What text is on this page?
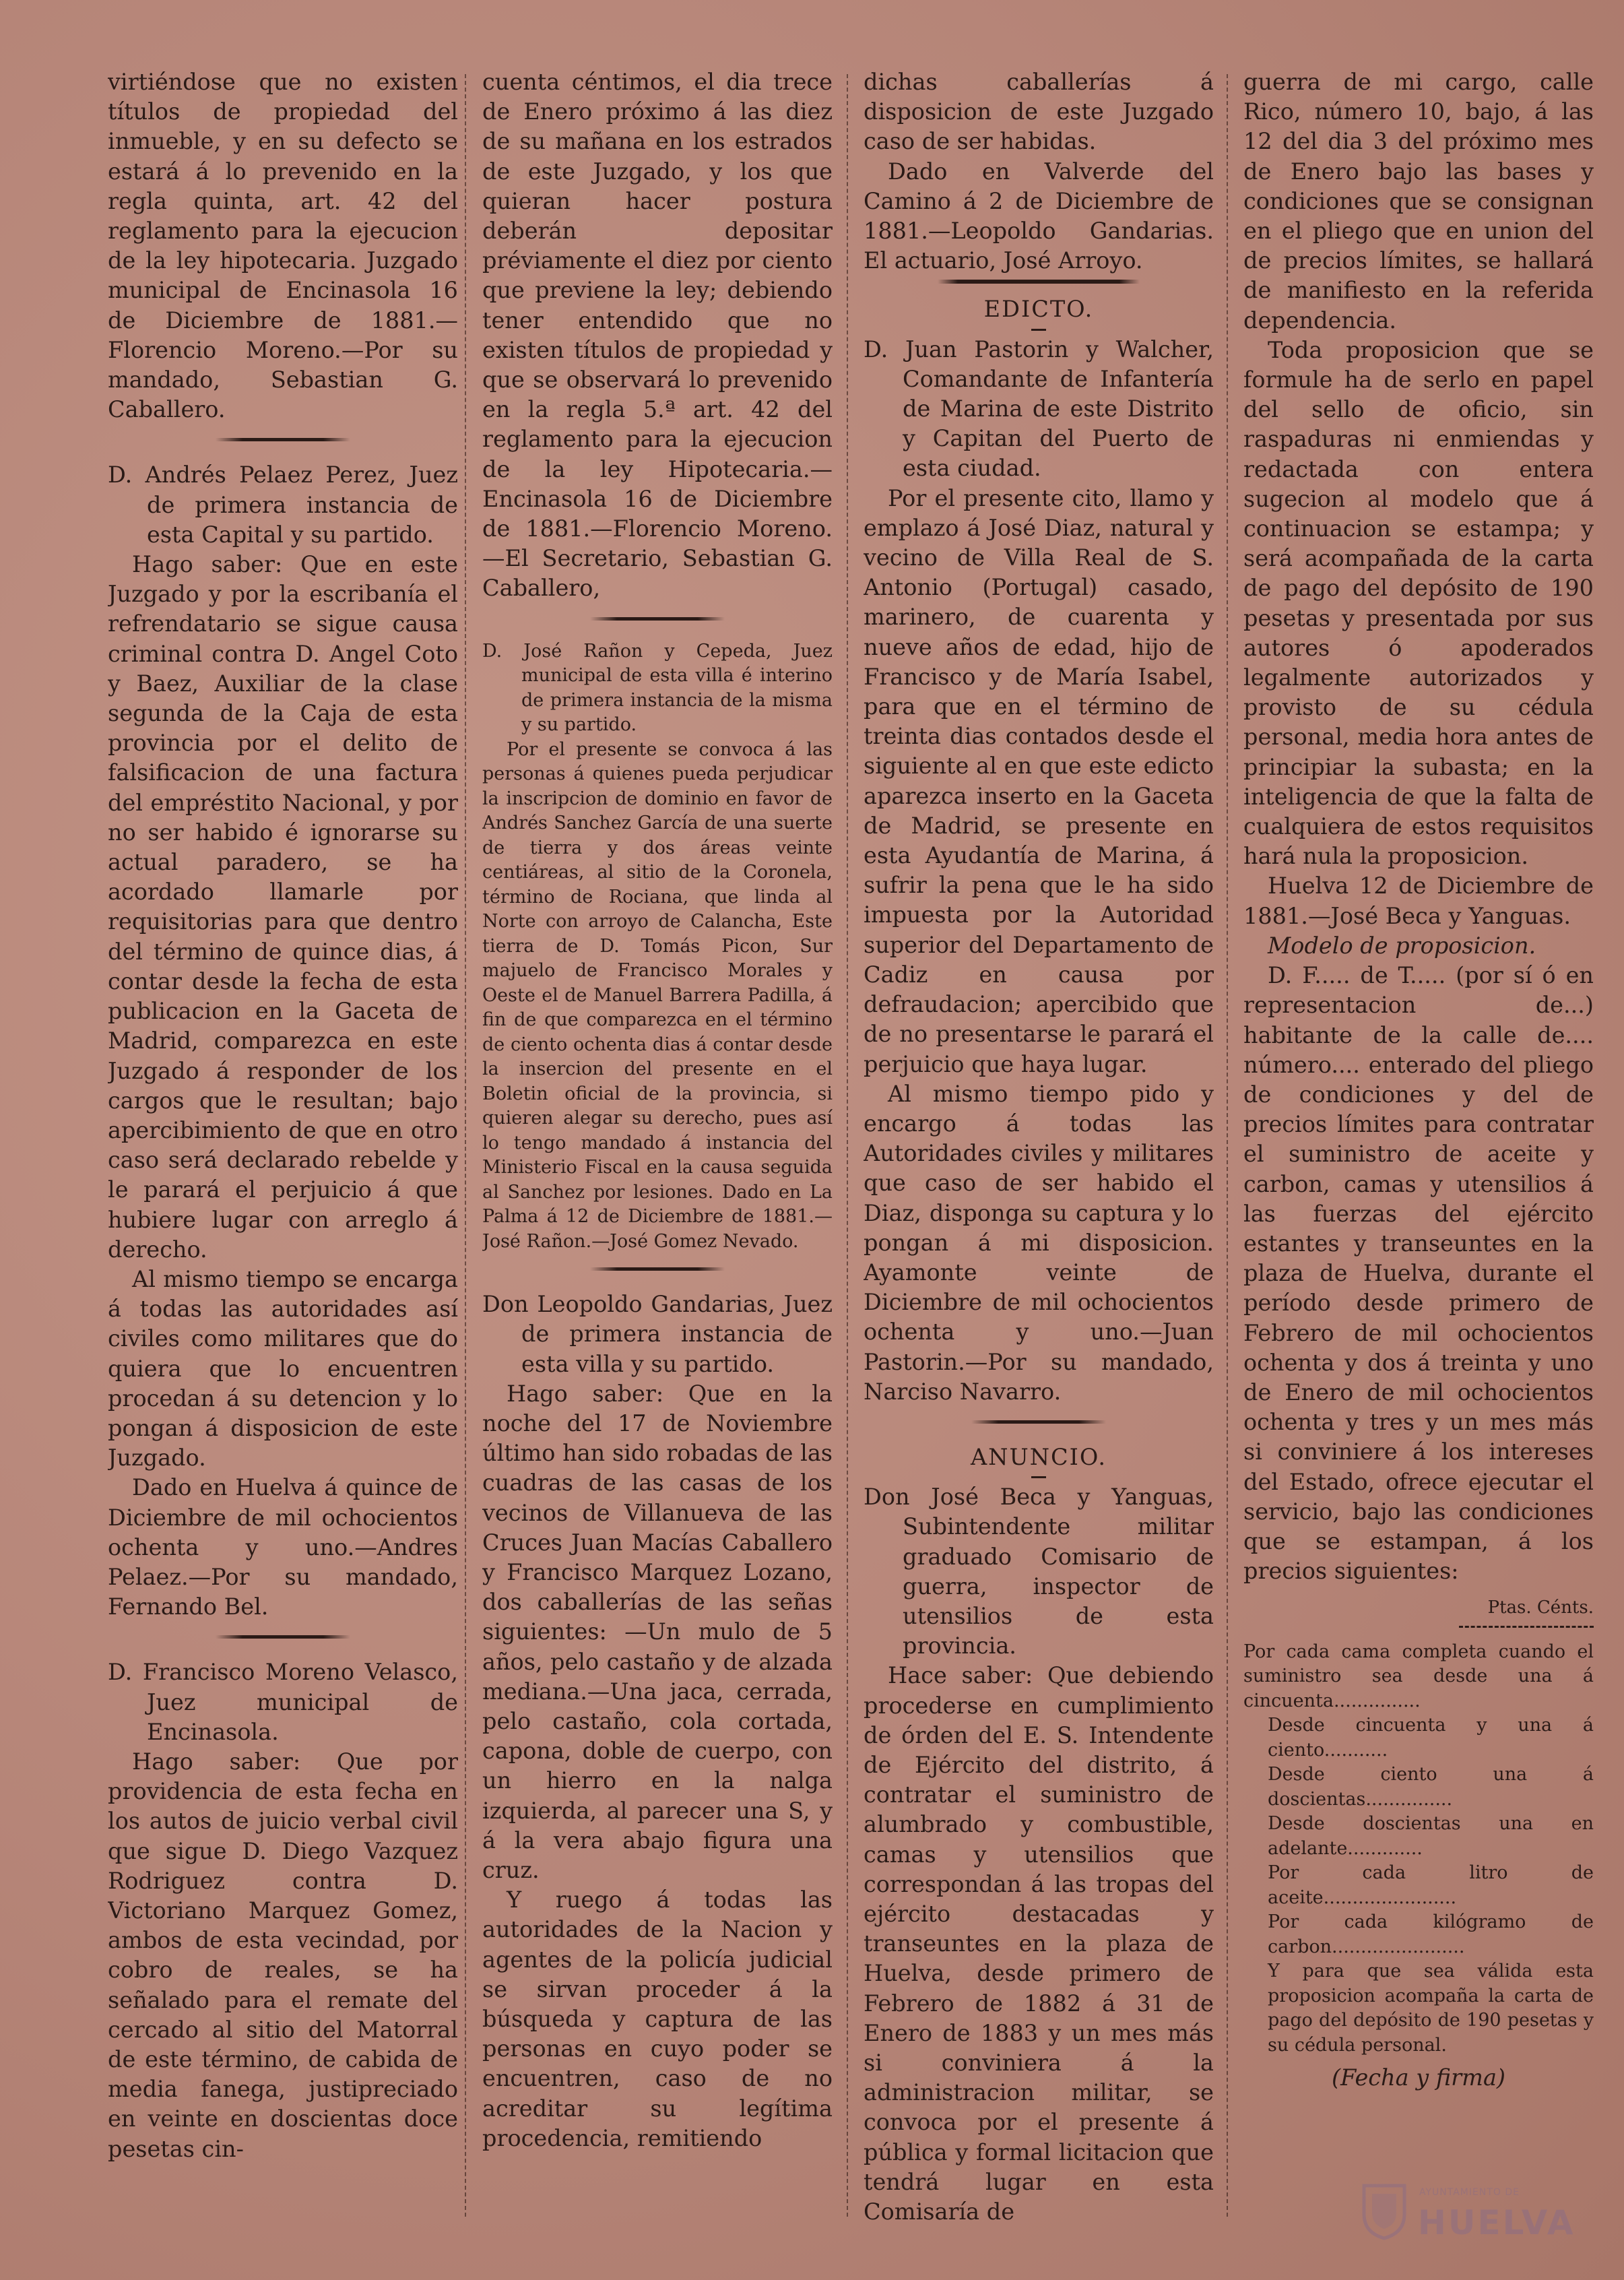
virtiéndose que no existen títulos de propiedad del inmueble, y en su defecto se estará á lo prevenido en la regla quinta, art. 42 del reglamento para la ejecucion de la ley hipotecaria. Juzgado municipal de Encinasola 16 de Diciembre de 1881.—Florencio Moreno.—Por su mandado, Sebastian G. Caballero.

D. Andrés Pelaez Perez, Juez de primera instancia de esta Capital y su partido.

Hago saber: Que en este Juzgado y por la escribanía el refrendatario se sigue causa criminal contra D. Angel Coto y Baez, Auxiliar de la clase segunda de la Caja de esta provincia por el delito de falsificacion de una factura del empréstito Nacional, y por no ser habido é ignorarse su actual paradero, se ha acordado llamarle por requisitorias para que dentro del término de quince dias, á contar desde la fecha de esta publicacion en la Gaceta de Madrid, comparezca en este Juzgado á responder de los cargos que le resultan; bajo apercibimiento de que en otro caso será declarado rebelde y le parará el perjuicio á que hubiere lugar con arreglo á derecho.

Al mismo tiempo se encarga á todas las autoridades así civiles como militares que do quiera que lo encuentren procedan á su detencion y lo pongan á disposicion de este Juzgado.

Dado en Huelva á quince de Diciembre de mil ochocientos ochenta y uno.—Andres Pelaez.—Por su mandado, Fernando Bel.

D. Francisco Moreno Velasco, Juez municipal de Encinasola.

Hago saber: Que por providencia de esta fecha en los autos de juicio verbal civil que sigue D. Diego Vazquez Rodriguez contra D. Victoriano Marquez Gomez, ambos de esta vecindad, por cobro de reales, se ha señalado para el remate del cercado al sitio del Matorral de este término, de cabida de media fanega, justipreciado en veinte en doscientas doce pesetas cin-

cuenta céntimos, el dia trece de Enero próximo á las diez de su mañana en los estrados de este Juzgado, y los que quieran hacer postura deberán depositar préviamente el diez por ciento que previene la ley; debiendo tener entendido que no existen títulos de propiedad y que se observará lo prevenido en la regla 5.ª art. 42 del reglamento para la ejecucion de la ley Hipotecaria.—Encinasola 16 de Diciembre de 1881.—Florencio Moreno.—El Secretario, Sebastian G. Caballero,

D. José Rañon y Cepeda, Juez municipal de esta villa é interino de primera instancia de la misma y su partido.

Por el presente se convoca á las personas á quienes pueda perjudicar la inscripcion de dominio en favor de Andrés Sanchez García de una suerte de tierra y dos áreas veinte centiáreas, al sitio de la Coronela, término de Rociana, que linda al Norte con arroyo de Calancha, Este tierra de D. Tomás Picon, Sur majuelo de Francisco Morales y Oeste el de Manuel Barrera Padilla, á fin de que comparezca en el término de ciento ochenta dias á contar desde la insercion del presente en el Boletin oficial de la provincia, si quieren alegar su derecho, pues así lo tengo mandado á instancia del Ministerio Fiscal en la causa seguida al Sanchez por lesiones. Dado en La Palma á 12 de Diciembre de 1881.—José Rañon.—José Gomez Nevado.

Don Leopoldo Gandarias, Juez de primera instancia de esta villa y su partido.

Hago saber: Que en la noche del 17 de Noviembre último han sido robadas de las cuadras de las casas de los vecinos de Villanueva de las Cruces Juan Macías Caballero y Francisco Marquez Lozano, dos caballerías de las señas siguientes: —Un mulo de 5 años, pelo castaño y de alzada mediana.—Una jaca, cerrada, pelo castaño, cola cortada, capona, doble de cuerpo, con un hierro en la nalga izquierda, al parecer una S, y á la vera abajo figura una cruz.

Y ruego á todas las autoridades de la Nacion y agentes de la policía judicial se sirvan proceder á la búsqueda y captura de las personas en cuyo poder se encuentren, caso de no acreditar su legítima procedencia, remitiendo

dichas caballerías á disposicion de este Juzgado caso de ser habidas.

Dado en Valverde del Camino á 2 de Diciembre de 1881.—Leopoldo Gandarias. El actuario, José Arroyo.

EDICTO.

D. Juan Pastorin y Walcher, Comandante de Infantería de Marina de este Distrito y Capitan del Puerto de esta ciudad.

Por el presente cito, llamo y emplazo á José Diaz, natural y vecino de Villa Real de S. Antonio (Portugal) casado, marinero, de cuarenta y nueve años de edad, hijo de Francisco y de María Isabel, para que en el término de treinta dias contados desde el siguiente al en que este edicto aparezca inserto en la Gaceta de Madrid, se presente en esta Ayudantía de Marina, á sufrir la pena que le ha sido impuesta por la Autoridad superior del Departamento de Cadiz en causa por defraudacion; apercibido que de no presentarse le parará el perjuicio que haya lugar.

Al mismo tiempo pido y encargo á todas las Autoridades civiles y militares que caso de ser habido el Diaz, disponga su captura y lo pongan á mi disposicion. Ayamonte veinte de Diciembre de mil ochocientos ochenta y uno.—Juan Pastorin.—Por su mandado, Narciso Navarro.

ANUNCIO.

Don José Beca y Yanguas, Subintendente militar graduado Comisario de guerra, inspector de utensilios de esta provincia.

Hace saber: Que debiendo procederse en cumplimiento de órden del E. S. Intendente de Ejército del distrito, á contratar el suministro de alumbrado y combustible, camas y utensilios que correspondan á las tropas del ejército destacadas y transeuntes en la plaza de Huelva, desde primero de Febrero de 1882 á 31 de Enero de 1883 y un mes más si conviniera á la administracion militar, se convoca por el presente á pública y formal licitacion que tendrá lugar en esta Comisaría de

guerra de mi cargo, calle Rico, número 10, bajo, á las 12 del dia 3 del próximo mes de Enero bajo las bases y condiciones que se consignan en el pliego que en union del de precios límites, se hallará de manifiesto en la referida dependencia.

Toda proposicion que se formule ha de serlo en papel del sello de oficio, sin raspaduras ni enmiendas y redactada con entera sugecion al modelo que á continuacion se estampa; y será acompañada de la carta de pago del depósito de 190 pesetas y presentada por sus autores ó apoderados legalmente autorizados y provisto de su cédula personal, media hora antes de principiar la subasta; en la inteligencia de que la falta de cualquiera de estos requisitos hará nula la proposicion.

Huelva 12 de Diciembre de 1881.—José Beca y Yanguas.

Modelo de proposicion.

D. F..... de T..... (por sí ó en representacion de...) habitante de la calle de.... número.... enterado del pliego de condiciones y del de precios límites para contratar el suministro de aceite y carbon, camas y utensilios á las fuerzas del ejército estantes y transeuntes en la plaza de Huelva, durante el período desde primero de Febrero de mil ochocientos ochenta y dos á treinta y uno de Enero de mil ochocientos ochenta y tres y un mes más si conviniere á los intereses del Estado, ofrece ejecutar el servicio, bajo las condiciones que se estampan, á los precios siguientes:

Ptas. Cénts.
Por cada cama completa cuando el suministro sea desde una á cincuenta...............
Desde cincuenta y una á ciento...........
Desde ciento una á doscientas...............
Desde doscientas una en adelante.............
Por cada litro de aceite.......................
Por cada kilógramo de carbon.......................
Y para que sea válida esta proposicion acompaña la carta de pago del depósito de 190 pesetas y su cédula personal.

(Fecha y firma)

AYUNTAMIENTO DE
HUELVA
